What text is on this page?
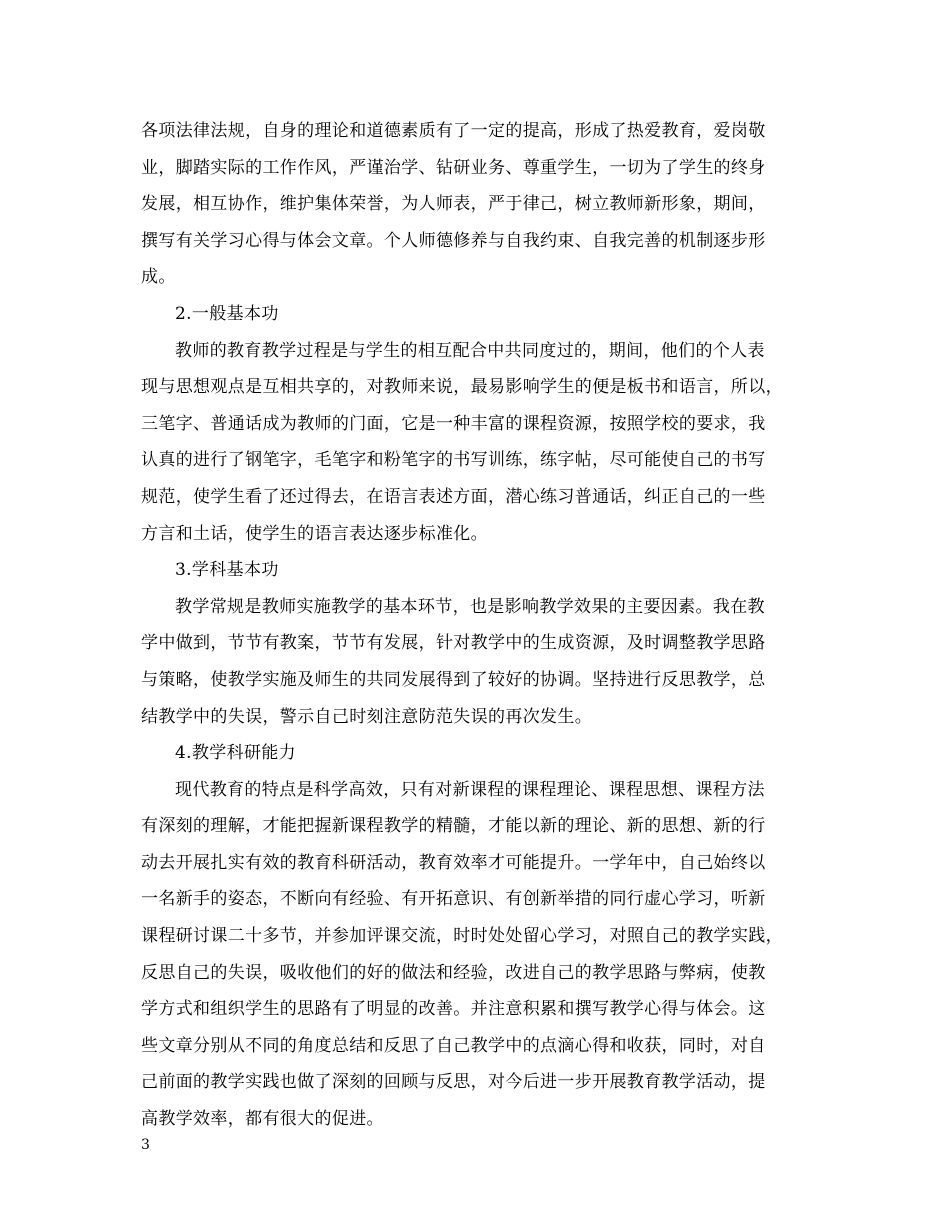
各项法律法规，自身的理论和道德素质有了一定的提高，形成了热爱教育，爱岗敬
业，脚踏实际的工作作风，严谨治学、钻研业务、尊重学生，一切为了学生的终身
发展，相互协作，维护集体荣誉，为人师表，严于律己，树立教师新形象，期间，
撰写有关学习心得与体会文章。个人师德修养与自我约束、自我完善的机制逐步形
成。
2.一般基本功
教师的教育教学过程是与学生的相互配合中共同度过的，期间，他们的个人表
现与思想观点是互相共享的，对教师来说，最易影响学生的便是板书和语言，所以，
三笔字、普通话成为教师的门面，它是一种丰富的课程资源，按照学校的要求，我
认真的进行了钢笔字，毛笔字和粉笔字的书写训练，练字帖，尽可能使自己的书写
规范，使学生看了还过得去，在语言表述方面，潜心练习普通话，纠正自己的一些
方言和土话，使学生的语言表达逐步标准化。
3.学科基本功
教学常规是教师实施教学的基本环节，也是影响教学效果的主要因素。我在教
学中做到，节节有教案，节节有发展，针对教学中的生成资源，及时调整教学思路
与策略，使教学实施及师生的共同发展得到了较好的协调。坚持进行反思教学，总
结教学中的失误，警示自己时刻注意防范失误的再次发生。
4.教学科研能力
现代教育的特点是科学高效，只有对新课程的课程理论、课程思想、课程方法
有深刻的理解，才能把握新课程教学的精髓，才能以新的理论、新的思想、新的行
动去开展扎实有效的教育科研活动，教育效率才可能提升。一学年中，自己始终以
一名新手的姿态，不断向有经验、有开拓意识、有创新举措的同行虚心学习，听新
课程研讨课二十多节，并参加评课交流，时时处处留心学习，对照自己的教学实践，
反思自己的失误，吸收他们的好的做法和经验，改进自己的教学思路与弊病，使教
学方式和组织学生的思路有了明显的改善。并注意积累和撰写教学心得与体会。这
些文章分别从不同的角度总结和反思了自己教学中的点滴心得和收获，同时，对自
己前面的教学实践也做了深刻的回顾与反思，对今后进一步开展教育教学活动，提
高教学效率，都有很大的促进。
3
